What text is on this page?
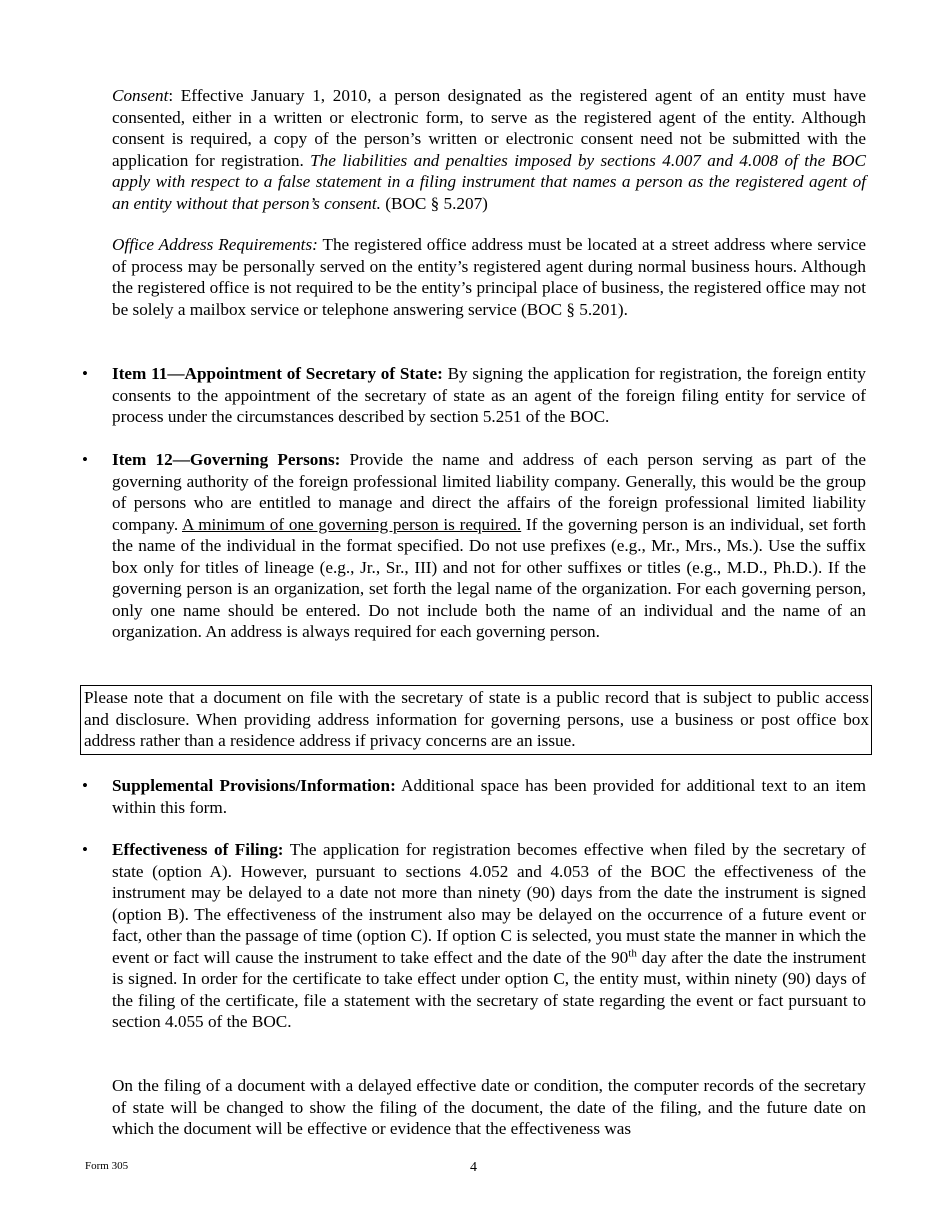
Consent: Effective January 1, 2010, a person designated as the registered agent of an entity must have consented, either in a written or electronic form, to serve as the registered agent of the entity. Although consent is required, a copy of the person’s written or electronic consent need not be submitted with the application for registration. The liabilities and penalties imposed by sections 4.007 and 4.008 of the BOC apply with respect to a false statement in a filing instrument that names a person as the registered agent of an entity without that person’s consent. (BOC § 5.207)

Office Address Requirements: The registered office address must be located at a street address where service of process may be personally served on the entity’s registered agent during normal business hours. Although the registered office is not required to be the entity’s principal place of business, the registered office may not be solely a mailbox service or telephone answering service (BOC § 5.201).

• Item 11—Appointment of Secretary of State: By signing the application for registration, the foreign entity consents to the appointment of the secretary of state as an agent of the foreign filing entity for service of process under the circumstances described by section 5.251 of the BOC.

• Item 12—Governing Persons: Provide the name and address of each person serving as part of the governing authority of the foreign professional limited liability company. Generally, this would be the group of persons who are entitled to manage and direct the affairs of the foreign professional limited liability company. A minimum of one governing person is required. If the governing person is an individual, set forth the name of the individual in the format specified. Do not use prefixes (e.g., Mr., Mrs., Ms.). Use the suffix box only for titles of lineage (e.g., Jr., Sr., III) and not for other suffixes or titles (e.g., M.D., Ph.D.). If the governing person is an organization, set forth the legal name of the organization. For each governing person, only one name should be entered. Do not include both the name of an individual and the name of an organization. An address is always required for each governing person.

Please note that a document on file with the secretary of state is a public record that is subject to public access and disclosure. When providing address information for governing persons, use a business or post office box address rather than a residence address if privacy concerns are an issue.

• Supplemental Provisions/Information: Additional space has been provided for additional text to an item within this form.

• Effectiveness of Filing: The application for registration becomes effective when filed by the secretary of state (option A). However, pursuant to sections 4.052 and 4.053 of the BOC the effectiveness of the instrument may be delayed to a date not more than ninety (90) days from the date the instrument is signed (option B). The effectiveness of the instrument also may be delayed on the occurrence of a future event or fact, other than the passage of time (option C). If option C is selected, you must state the manner in which the event or fact will cause the instrument to take effect and the date of the 90th day after the date the instrument is signed. In order for the certificate to take effect under option C, the entity must, within ninety (90) days of the filing of the certificate, file a statement with the secretary of state regarding the event or fact pursuant to section 4.055 of the BOC.

On the filing of a document with a delayed effective date or condition, the computer records of the secretary of state will be changed to show the filing of the document, the date of the filing, and the future date on which the document will be effective or evidence that the effectiveness was

Form 305	4
